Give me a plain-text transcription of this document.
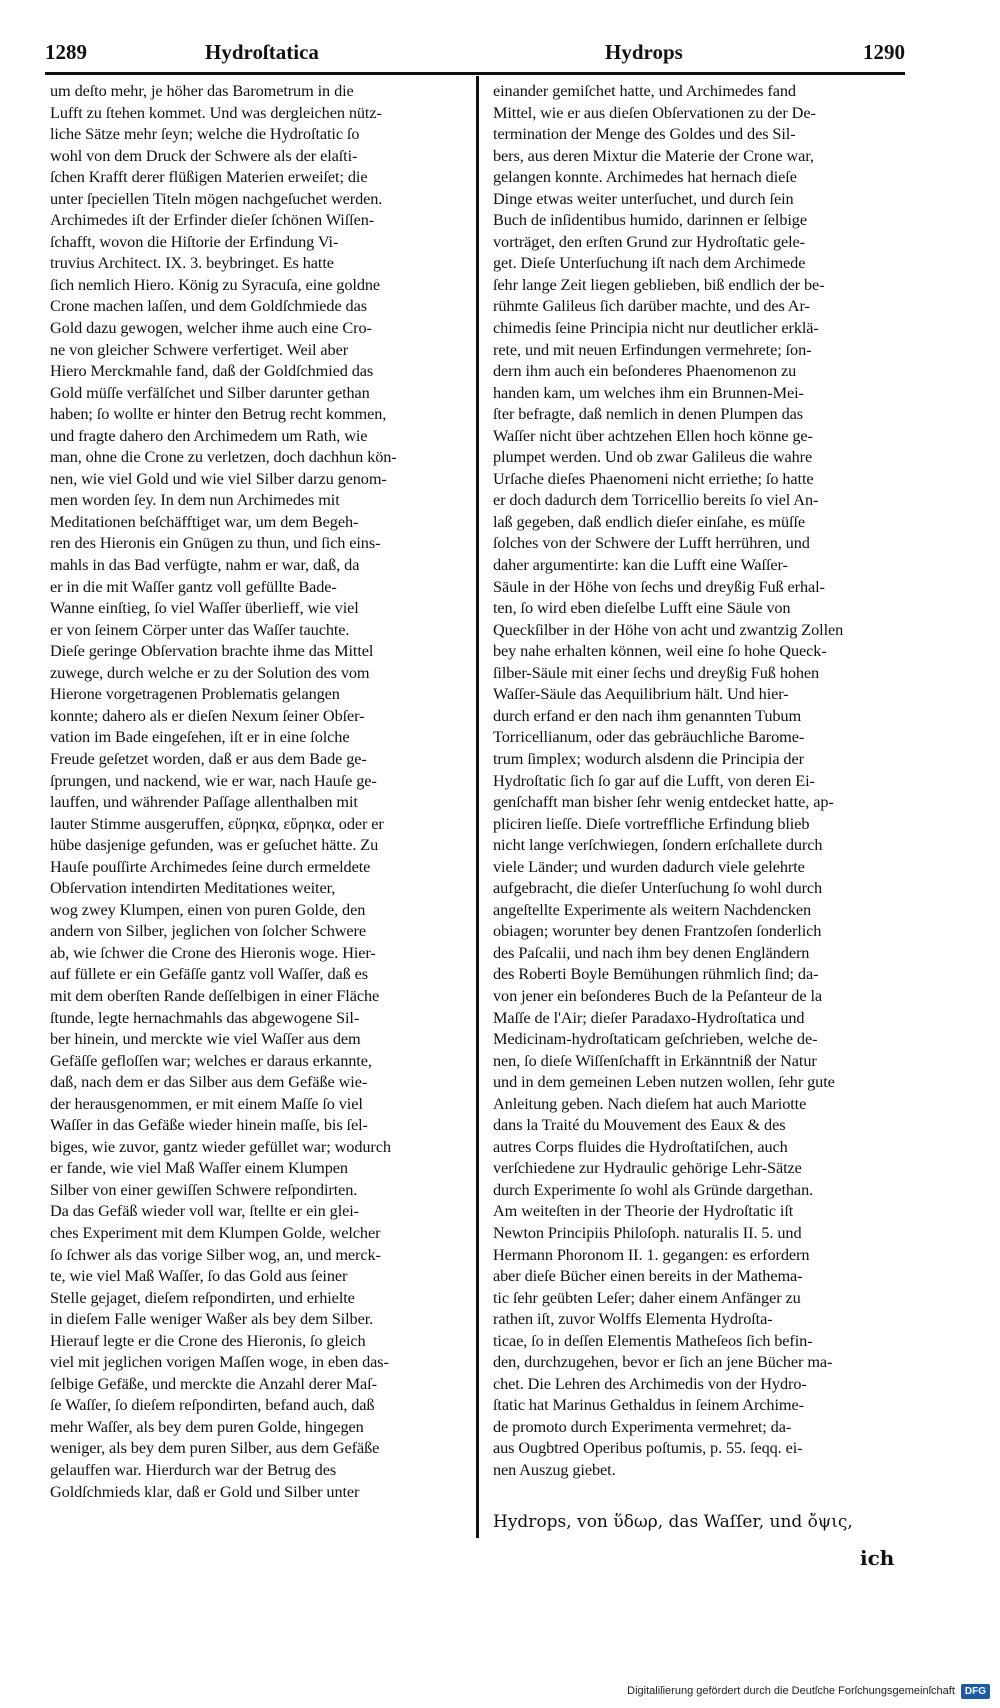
1289	Hydroſtatica	Hydrops	1290
um deſto mehr, je höher das Barometrum in die
Lufft zu ſtehen kommet. Und was dergleichen nütz-
liche Sätze mehr ſeyn; welche die Hydroſtatic ſo
wohl von dem Druck der Schwere als der elaſti-
ſchen Krafft derer flüßigen Materien erweiſet; die
unter ſpeciellen Titeln mögen nachgeſuchet werden.
Archimedes iſt der Erfinder dieſer ſchönen Wiſſen-
ſchafft, wovon die Hiſtorie der Erfindung Vi-
truvius Architect. IX. 3. beybringet. Es hatte
ſich nemlich Hiero. König zu Syracuſa, eine goldne
Crone machen laſſen, und dem Goldſchmiede das
Gold dazu gewogen, welcher ihme auch eine Cro-
ne von gleicher Schwere verfertiget. Weil aber
Hiero Merckmahle fand, daß der Goldſchmied das
Gold müſſe verfälſchet und Silber darunter gethan
haben; ſo wollte er hinter den Betrug recht kommen,
und fragte dahero den Archimedem um Rath, wie
man, ohne die Crone zu verletzen, doch dachhun kön-
nen, wie viel Gold und wie viel Silber darzu genom-
men worden ſey. In dem nun Archimedes mit
Meditationen beſchäfftiget war, um dem Begeh-
ren des Hieronis ein Gnügen zu thun, und ſich eins-
mahls in das Bad verfügte, nahm er war, daß, da
er in die mit Waſſer gantz voll gefüllte Bade-
Wanne einſtieg, ſo viel Waſſer überlieff, wie viel
er von ſeinem Cörper unter das Waſſer tauchte.
Dieſe geringe Obſervation brachte ihme das Mittel
zuwege, durch welche er zu der Solution des vom
Hierone vorgetragenen Problematis gelangen
konnte; dahero als er dieſen Nexum ſeiner Obſer-
vation im Bade eingeſehen, iſt er in eine ſolche
Freude geſetzet worden, daß er aus dem Bade ge-
ſprungen, und nackend, wie er war, nach Hauſe ge-
lauffen, und währender Paſſage allenthalben mit
lauter Stimme ausgeruffen, εὕρηκα, εὕρηκα, oder er
hübe dasjenige gefunden, was er geſuchet hätte. Zu
Hauſe pouſſirte Archimedes ſeine durch ermeldete
Obſervation intendirten Meditationes weiter,
wog zwey Klumpen, einen von puren Golde, den
andern von Silber, jeglichen von ſolcher Schwere
ab, wie ſchwer die Crone des Hieronis woge. Hier-
auf füllete er ein Gefäſſe gantz voll Waſſer, daß es
mit dem oberſten Rande deſſelbigen in einer Fläche
ſtunde, legte hernachmahls das abgewogene Sil-
ber hinein, und merckte wie viel Waſſer aus dem
Gefäſſe gefloſſen war; welches er daraus erkannte,
daß, nach dem er das Silber aus dem Gefäße wie-
der herausgenommen, er mit einem Maſſe ſo viel
Waſſer in das Gefäße wieder hinein maſſe, bis ſel-
biges, wie zuvor, gantz wieder gefüllet war; wodurch
er fande, wie viel Maß Waſſer einem Klumpen
Silber von einer gewiſſen Schwere reſpondirten.
Da das Gefäß wieder voll war, ſtellte er ein glei-
ches Experiment mit dem Klumpen Golde, welcher
ſo ſchwer als das vorige Silber wog, an, und merck-
te, wie viel Maß Waſſer, ſo das Gold aus ſeiner
Stelle gejaget, dieſem reſpondirten, und erhielte
in dieſem Falle weniger Waßer als bey dem Silber.
Hierauf legte er die Crone des Hieronis, ſo gleich
viel mit jeglichen vorigen Maſſen woge, in eben das-
ſelbige Gefäße, und merckte die Anzahl derer Maſ-
ſe Waſſer, ſo dieſem reſpondirten, befand auch, daß
mehr Waſſer, als bey dem puren Golde, hingegen
weniger, als bey dem puren Silber, aus dem Gefäße
gelauffen war. Hierdurch war der Betrug des
Goldſchmieds klar, daß er Gold und Silber unter
einander gemiſchet hatte, und Archimedes fand
Mittel, wie er aus dieſen Obſervationen zu der De-
termination der Menge des Goldes und des Sil-
bers, aus deren Mixtur die Materie der Crone war,
gelangen konnte. Archimedes hat hernach dieſe
Dinge etwas weiter unterſuchet, und durch ſein
Buch de inſidentibus humido, darinnen er ſelbige
vorträget, den erſten Grund zur Hydroſtatic gele-
get. Dieſe Unterſuchung iſt nach dem Archimede
ſehr lange Zeit liegen geblieben, biß endlich der be-
rühmte Galileus ſich darüber machte, und des Ar-
chimedis ſeine Principia nicht nur deutlicher erklä-
rete, und mit neuen Erfindungen vermehrete; ſon-
dern ihm auch ein beſonderes Phaenomenon zu
handen kam, um welches ihm ein Brunnen-Mei-
ſter befragte, daß nemlich in denen Plumpen das
Waſſer nicht über achtzehen Ellen hoch könne ge-
plumpet werden. Und ob zwar Galileus die wahre
Urſache dieſes Phaenomeni nicht erriethe; ſo hatte
er doch dadurch dem Torricellio bereits ſo viel An-
laß gegeben, daß endlich dieſer einſahe, es müſſe
ſolches von der Schwere der Lufft herrühren, und
daher argumentirte: kan die Lufft eine Waſſer-
Säule in der Höhe von ſechs und dreyßig Fuß erhal-
ten, ſo wird eben dieſelbe Lufft eine Säule von
Queckſilber in der Höhe von acht und zwantzig Zollen
bey nahe erhalten können, weil eine ſo hohe Queck-
ſilber-Säule mit einer ſechs und dreyßig Fuß hohen
Waſſer-Säule das Aequilibrium hält. Und hier-
durch erfand er den nach ihm genannten Tubum
Torricellianum, oder das gebräuchliche Barome-
trum ſimplex; wodurch alsdenn die Principia der
Hydroſtatic ſich ſo gar auf die Lufft, von deren Ei-
genſchafft man bisher ſehr wenig entdecket hatte, ap-
pliciren lieſſe. Dieſe vortreffliche Erfindung blieb
nicht lange verſchwiegen, ſondern erſchallete durch
viele Länder; und wurden dadurch viele gelehrte
aufgebracht, die dieſer Unterſuchung ſo wohl durch
angeſtellte Experimente als weitern Nachdencken
obiagen; worunter bey denen Frantzoſen ſonderlich
des Paſcalii, und nach ihm bey denen Engländern
des Roberti Boyle Bemühungen rühmlich ſind; da-
von jener ein beſonderes Buch de la Peſanteur de la
Maſſe de l'Air; dieſer Paradaxo-Hydroſtatica und
Medicinam-hydroſtaticam geſchrieben, welche de-
nen, ſo dieſe Wiſſenſchafft in Erkänntniß der Natur
und in dem gemeinen Leben nutzen wollen, ſehr gute
Anleitung geben. Nach dieſem hat auch Mariotte
dans la Traité du Mouvement des Eaux & des
autres Corps fluides die Hydroſtatiſchen, auch
verſchiedene zur Hydraulic gehörige Lehr-Sätze
durch Experimente ſo wohl als Gründe dargethan.
Am weiteſten in der Theorie der Hydroſtatic iſt
Newton Principiis Philoſoph. naturalis II. 5. und
Hermann Phoronom II. 1. gegangen: es erfordern
aber dieſe Bücher einen bereits in der Mathema-
tic ſehr geübten Leſer; daher einem Anfänger zu
rathen iſt, zuvor Wolffs Elementa Hydroſta-
ticae, ſo in deſſen Elementis Matheſeos ſich befin-
den, durchzugehen, bevor er ſich an jene Bücher ma-
chet. Die Lehren des Archimedis von der Hydro-
ſtatic hat Marinus Gethaldus in ſeinem Archime-
de promoto durch Experimenta vermehret; da-
aus Ougbtred Operibus poſtumis, p. 55. ſeqq. ei-
nen Auszug giebet.
Hydrops, von ὕδωρ, das Waſſer, und ὄψις,
ich
Digitaliſierung gefördert durch die Deutſche Forſchungsgemeinſchaft	DFG
